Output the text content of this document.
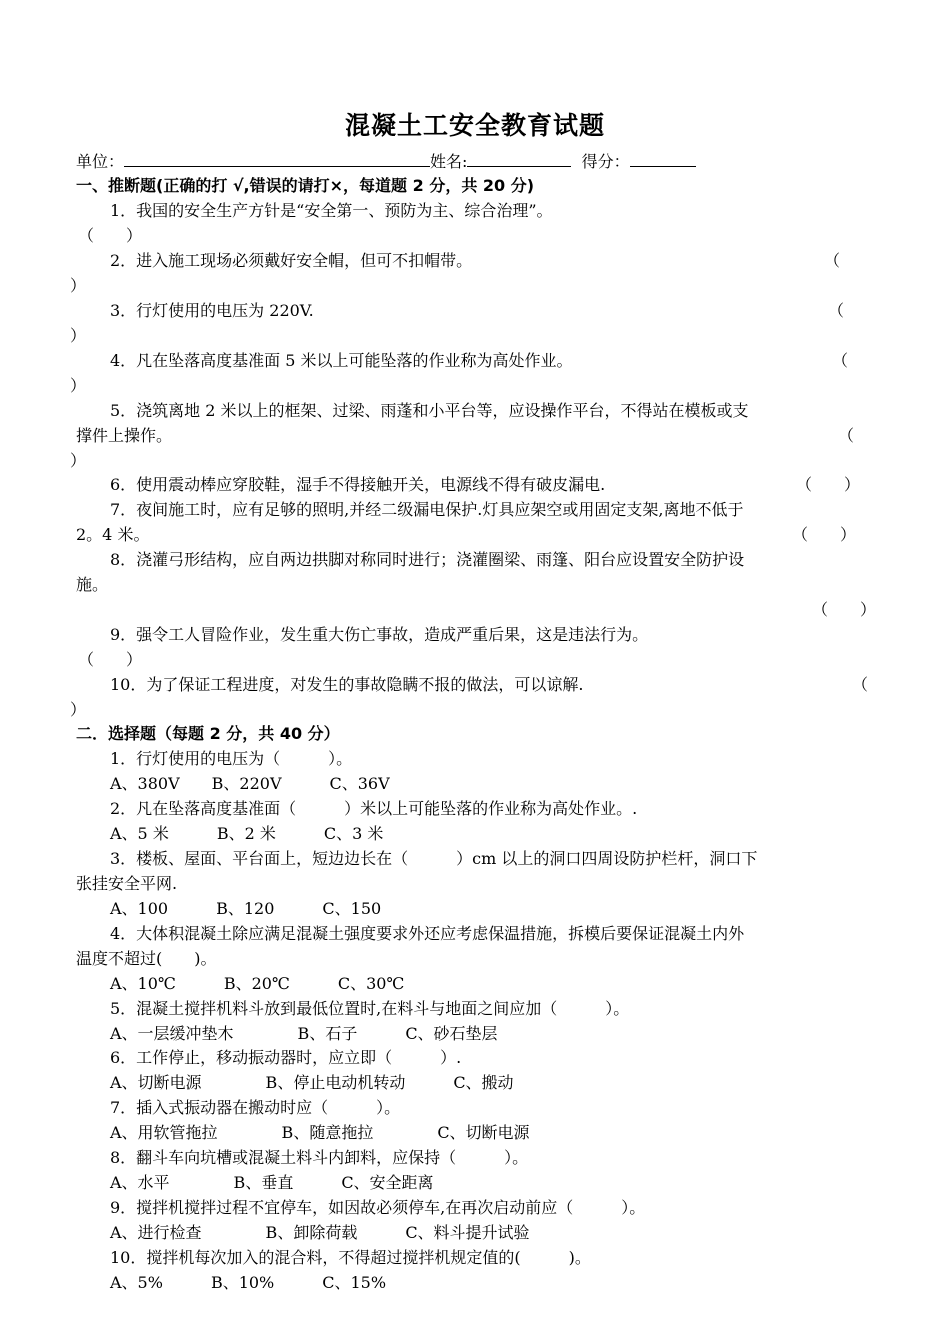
混凝土工安全教育试题
单位：	姓名:	得分：
一、推断题(正确的打 √,错误的请打×，每道题 2 分，共 20 分)
1．我国的安全生产方针是“安全第一、预防为主、综合治理”。
（　　）
2．进入施工现场必须戴好安全帽，但可不扣帽带。	（
）
3．行灯使用的电压为 220V.	（
）
4．凡在坠落高度基准面 5 米以上可能坠落的作业称为高处作业。	（
）
5．浇筑离地 2 米以上的框架、过梁、雨蓬和小平台等，应设操作平台，不得站在模板或支
撑件上操作。	（
）
6．使用震动棒应穿胶鞋，湿手不得接触开关，电源线不得有破皮漏电.	（　　）
7．夜间施工时，应有足够的照明,并经二级漏电保护.灯具应架空或用固定支架,离地不低于
2。4 米。	（　　）
8．浇灌弓形结构，应自两边拱脚对称同时进行；浇灌圈梁、雨篷、阳台应设置安全防护设
施。
（　　）
9．强令工人冒险作业，发生重大伤亡事故，造成严重后果，这是违法行为。
（　　）
10．为了保证工程进度，对发生的事故隐瞒不报的做法，可以谅解.	（
）
二．选择题（每题 2 分，共 40 分）
1．行灯使用的电压为（　　　）。
A、380V　　B、220V　　　C、36V
2．凡在坠落高度基准面（　　　）米以上可能坠落的作业称为高处作业。.
A、5 米　　　B、2 米　　　C、3 米
3．楼板、屋面、平台面上，短边边长在（　　　）cm 以上的洞口四周设防护栏杆，洞口下
张挂安全平网.
A、100　　　B、120　　　C、150
4．大体积混凝土除应满足混凝土强度要求外还应考虑保温措施，拆模后要保证混凝土内外
温度不超过(　　)。
A、10℃　　　B、20℃　　　C、30℃
5．混凝土搅拌机料斗放到最低位置时,在料斗与地面之间应加（　　　）。
A、一层缓冲垫木　　　　B、石子　　　C、砂石垫层
6．工作停止，移动振动器时，应立即（　　　）.
A、切断电源　　　　B、停止电动机转动　　　C、搬动
7．插入式振动器在搬动时应（　　　）。
A、用软管拖拉　　　　B、随意拖拉　　　　C、切断电源
8．翻斗车向坑槽或混凝土料斗内卸料，应保持（　　　）。
A、水平　　　　B、垂直　　　C、安全距离
9．搅拌机搅拌过程不宜停车，如因故必须停车,在再次启动前应（　　　）。
A、进行检查　　　　B、卸除荷载　　　C、料斗提升试验
10．搅拌机每次加入的混合料，不得超过搅拌机规定值的(　　　)。
A、5%　　　B、10%　　　C、15%
